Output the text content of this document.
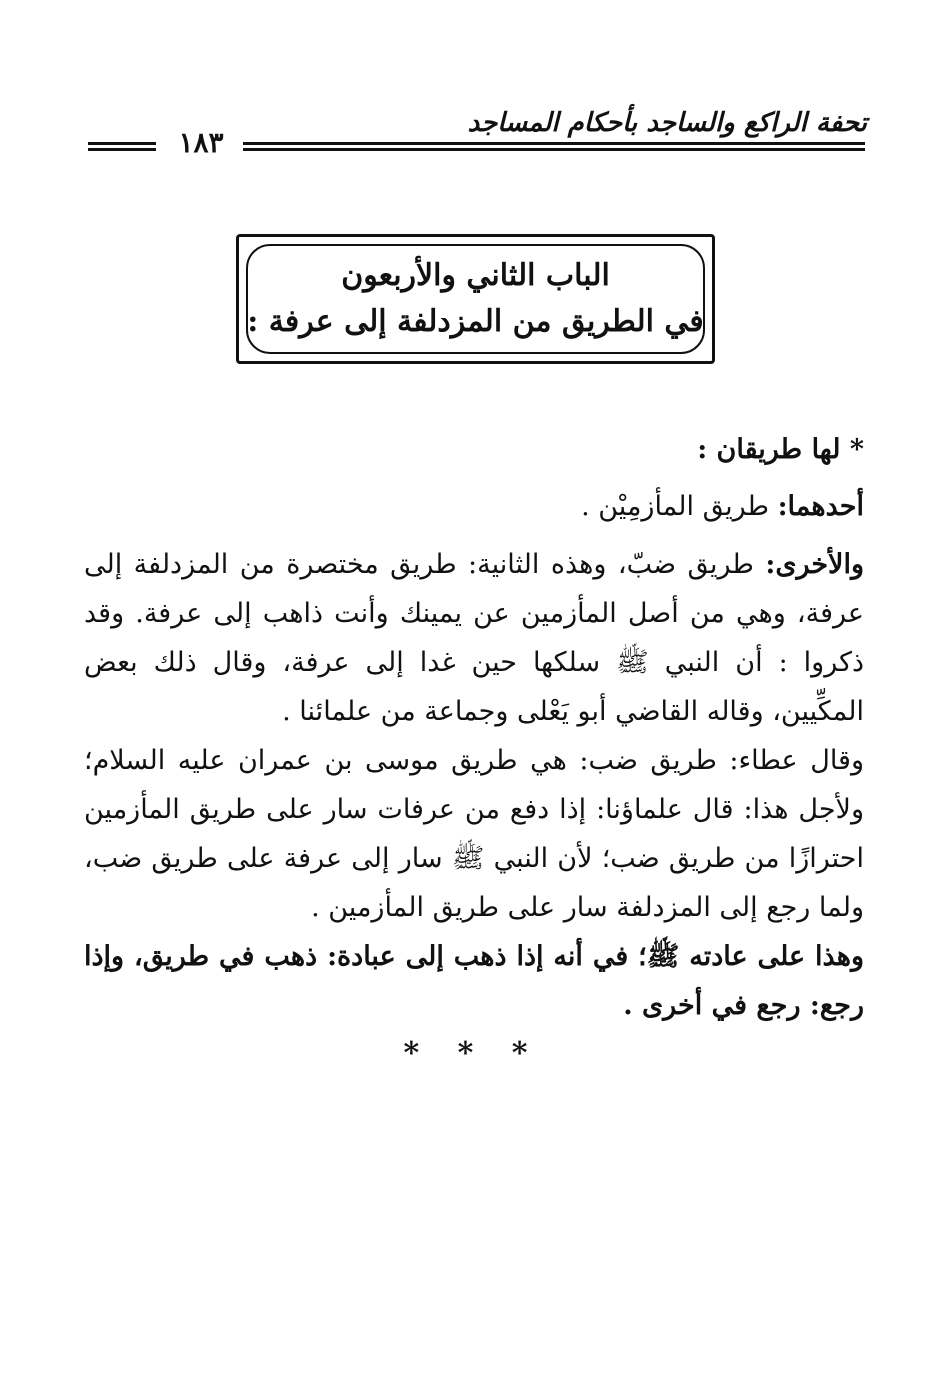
تحفة الراكع والساجد بأحكام المساجد
١٨٣
الباب الثاني والأربعون
في الطريق من المزدلفة إلى عرفة :
* لها طريقان :
أحدهما: طريق المأزمِيْن .
والأخرى: طريق ضبّ، وهذه الثانية: طريق مختصرة من المزدلفة إلى عرفة، وهي من أصل المأزمين عن يمينك وأنت ذاهب إلى عرفة. وقد ذكروا : أن النبي ﷺ سلكها حين غدا إلى عرفة، وقال ذلك بعض المكِّيين، وقاله القاضي أبو يَعْلى وجماعة من علمائنا .
وقال عطاء: طريق ضب: هي طريق موسى بن عمران عليه السلام؛ ولأجل هذا: قال علماؤنا: إذا دفع من عرفات سار على طريق المأزمين احترازًا من طريق ضب؛ لأن النبي ﷺ سار إلى عرفة على طريق ضب، ولما رجع إلى المزدلفة سار على طريق المأزمين .
وهذا على عادته ﷺ؛ في أنه إذا ذهب إلى عبادة: ذهب في طريق، وإذا رجع: رجع في أخرى .
* * *
